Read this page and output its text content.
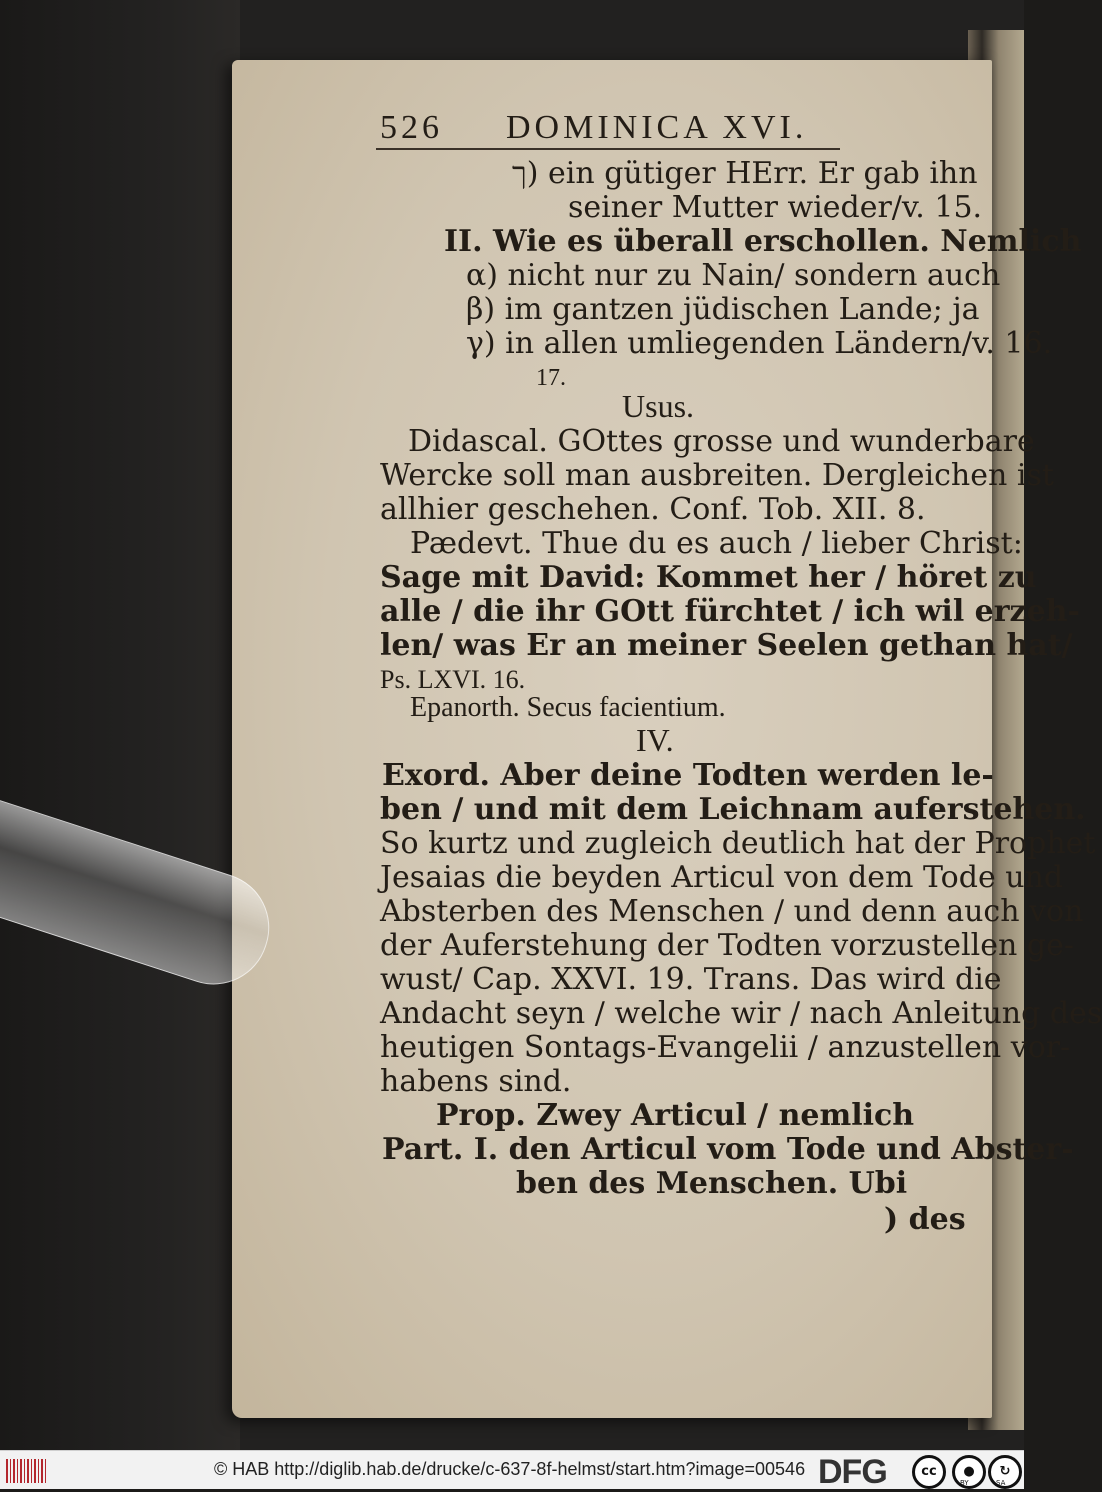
526 DOMINICA XVI.
ך) ein gütiger HErr. Er gab ihn
seiner Mutter wieder/v. 15.
II. Wie es überall erschollen. Nemlich
α) nicht nur zu Nain/ sondern auch
β) im gantzen jüdischen Lande; ja
γ) in allen umliegenden Ländern/v. 16.
17.
Usus.
Didascal. GOttes grosse und wunderbare
Wercke soll man ausbreiten. Dergleichen ist
allhier geschehen. Conf. Tob. XII. 8.
Pædevt. Thue du es auch / lieber Christ:
Sage mit David: Kommet her / höret zu
alle / die ihr GOtt fürchtet / ich wil erzeh-
len/ was Er an meiner Seelen gethan hat/
Ps. LXVI. 16.
Epanorth. Secus facientium.
IV.
Exord. Aber deine Todten werden le-
ben / und mit dem Leichnam auferstehen.
So kurtz und zugleich deutlich hat der Prophet
Jesaias die beyden Articul von dem Tode und
Absterben des Menschen / und denn auch von
der Auferstehung der Todten vorzustellen ge-
wust/ Cap. XXVI. 19. Trans. Das wird die
Andacht seyn / welche wir / nach Anleitung des
heutigen Sontags-Evangelii / anzustellen vor-
habens sind.
Prop. Zwey Articul / nemlich
Part. I. den Articul vom Tode und Abster-
ben des Menschen. Ubi
) des
© HAB http://diglib.hab.de/drucke/c-637-8f-helmst/start.htm?image=00546 DFG	cc	●	↻
BY	SA
